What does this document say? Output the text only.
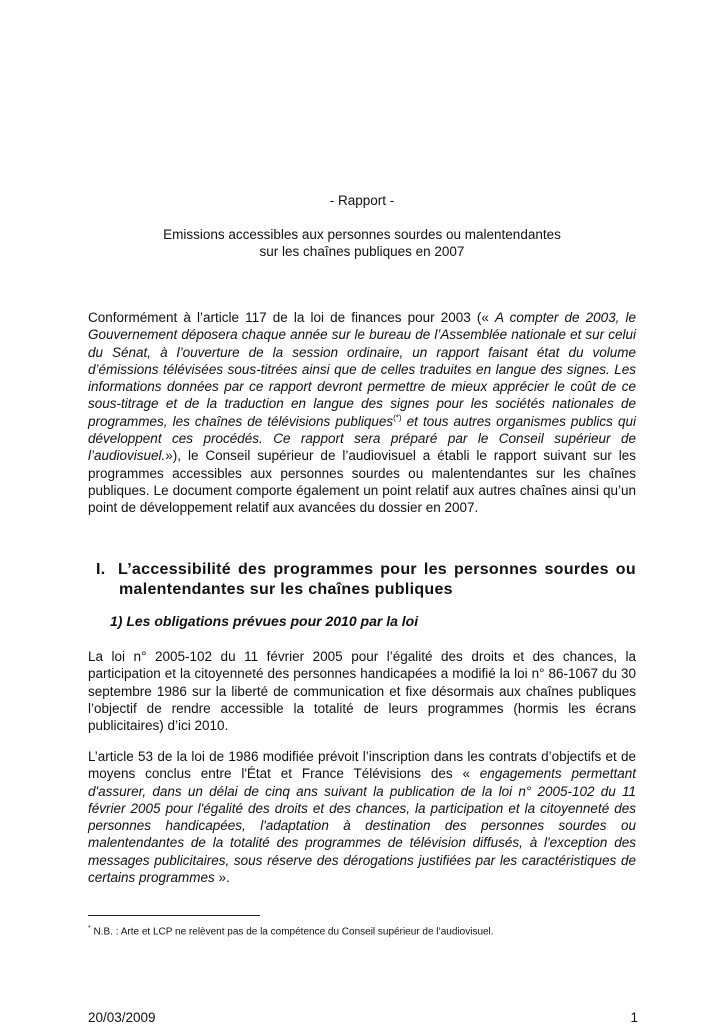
- Rapport -
Emissions accessibles aux personnes sourdes ou malentendantes
sur les chaînes publiques en 2007

Conformément à l’article 117 de la loi de finances pour 2003 (« A compter de 2003, le Gouvernement déposera chaque année sur le bureau de l’Assemblée nationale et sur celui du Sénat, à l’ouverture de la session ordinaire, un rapport faisant état du volume d’émissions télévisées sous-titrées ainsi que de celles traduites en langue des signes. Les informations données par ce rapport devront permettre de mieux apprécier le coût de ce sous-titrage et de la traduction en langue des signes pour les sociétés nationales de programmes, les chaînes de télévisions publiques(*) et tous autres organismes publics qui développent ces procédés. Ce rapport sera préparé par le Conseil supérieur de l’audiovisuel.»), le Conseil supérieur de l’audiovisuel a établi le rapport suivant sur les programmes accessibles aux personnes sourdes ou malentendantes sur les chaînes publiques. Le document comporte également un point relatif aux autres chaînes ainsi qu’un point de développement relatif aux avancées du dossier en 2007.

I. L’accessibilité des programmes pour les personnes sourdes ou
malentendantes sur les chaînes publiques
1) Les obligations prévues pour 2010 par la loi

La loi n° 2005-102 du 11 février 2005 pour l’égalité des droits et des chances, la participation et la citoyenneté des personnes handicapées a modifié la loi n° 86-1067 du 30 septembre 1986 sur la liberté de communication et fixe désormais aux chaînes publiques l’objectif de rendre accessible la totalité de leurs programmes (hormis les écrans publicitaires) d’ici 2010.

L’article 53 de la loi de 1986 modifiée prévoit l’inscription dans les contrats d’objectifs et de moyens conclus entre l'État et France Télévisions des « engagements permettant d'assurer, dans un délai de cinq ans suivant la publication de la loi n° 2005-102 du 11 février 2005 pour l'égalité des droits et des chances, la participation et la citoyenneté des personnes handicapées, l'adaptation à destination des personnes sourdes ou malentendantes de la totalité des programmes de télévision diffusés, à l'exception des messages publicitaires, sous réserve des dérogations justifiées par les caractéristiques de certains programmes ».

* N.B. : Arte et LCP ne relèvent pas de la compétence du Conseil supérieur de l’audiovisuel.
20/03/2009	1
